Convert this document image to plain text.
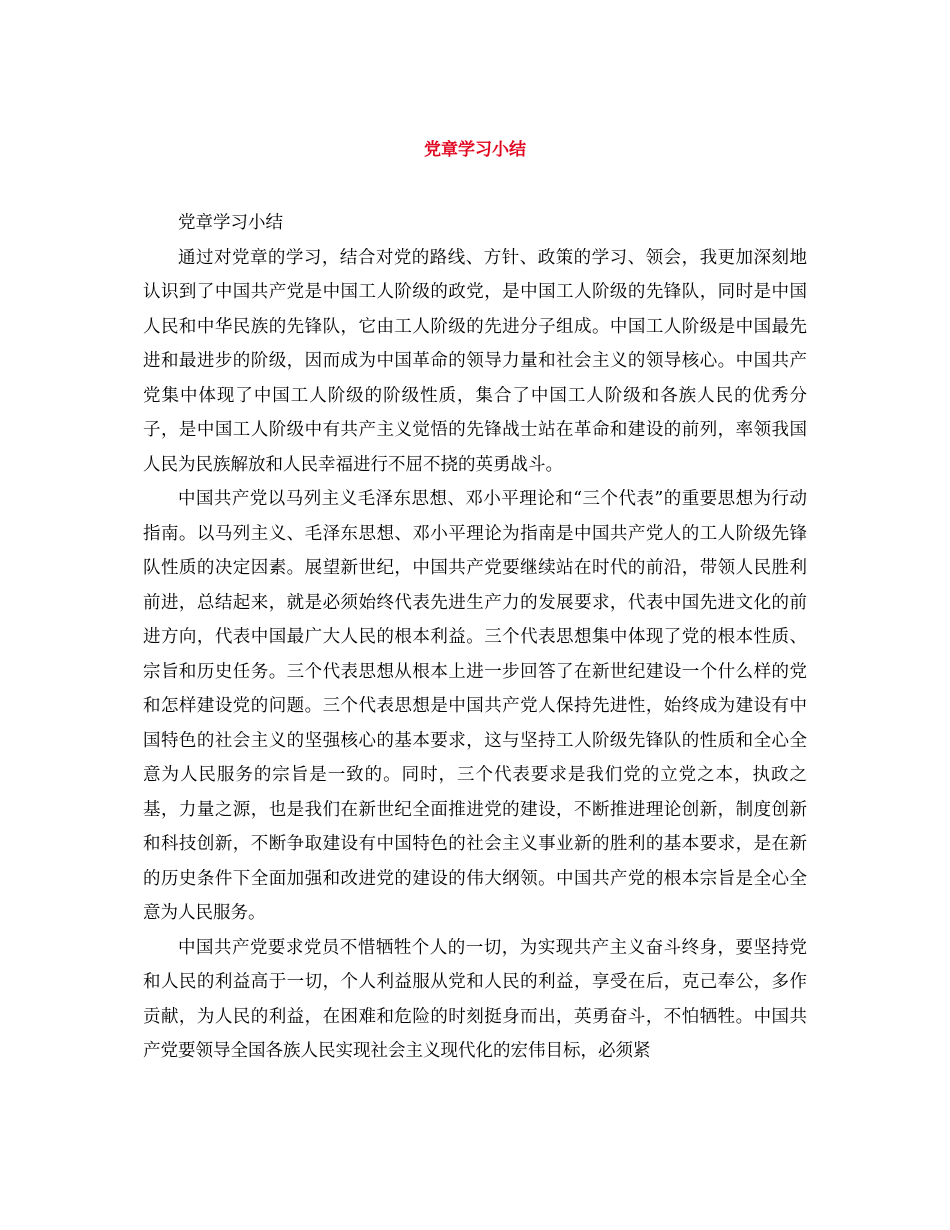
党章学习小结

党章学习小结

通过对党章的学习，结合对党的路线、方针、政策的学习、领会，我更加深刻地认识到了中国共产党是中国工人阶级的政党，是中国工人阶级的先锋队，同时是中国人民和中华民族的先锋队，它由工人阶级的先进分子组成。中国工人阶级是中国最先进和最进步的阶级，因而成为中国革命的领导力量和社会主义的领导核心。中国共产党集中体现了中国工人阶级的阶级性质，集合了中国工人阶级和各族人民的优秀分子，是中国工人阶级中有共产主义觉悟的先锋战士站在革命和建设的前列，率领我国人民为民族解放和人民幸福进行不屈不挠的英勇战斗。

中国共产党以马列主义毛泽东思想、邓小平理论和“三个代表”的重要思想为行动指南。以马列主义、毛泽东思想、邓小平理论为指南是中国共产党人的工人阶级先锋队性质的决定因素。展望新世纪，中国共产党要继续站在时代的前沿，带领人民胜利前进，总结起来，就是必须始终代表先进生产力的发展要求，代表中国先进文化的前进方向，代表中国最广大人民的根本利益。三个代表思想集中体现了党的根本性质、宗旨和历史任务。三个代表思想从根本上进一步回答了在新世纪建设一个什么样的党和怎样建设党的问题。三个代表思想是中国共产党人保持先进性，始终成为建设有中国特色的社会主义的坚强核心的基本要求，这与坚持工人阶级先锋队的性质和全心全意为人民服务的宗旨是一致的。同时，三个代表要求是我们党的立党之本，执政之基，力量之源，也是我们在新世纪全面推进党的建设，不断推进理论创新，制度创新和科技创新，不断争取建设有中国特色的社会主义事业新的胜利的基本要求，是在新的历史条件下全面加强和改进党的建设的伟大纲领。中国共产党的根本宗旨是全心全意为人民服务。

中国共产党要求党员不惜牺牲个人的一切，为实现共产主义奋斗终身，要坚持党和人民的利益高于一切，个人利益服从党和人民的利益，享受在后，克己奉公，多作贡献，为人民的利益，在困难和危险的时刻挺身而出，英勇奋斗，不怕牺牲。中国共产党要领导全国各族人民实现社会主义现代化的宏伟目标，必须紧
